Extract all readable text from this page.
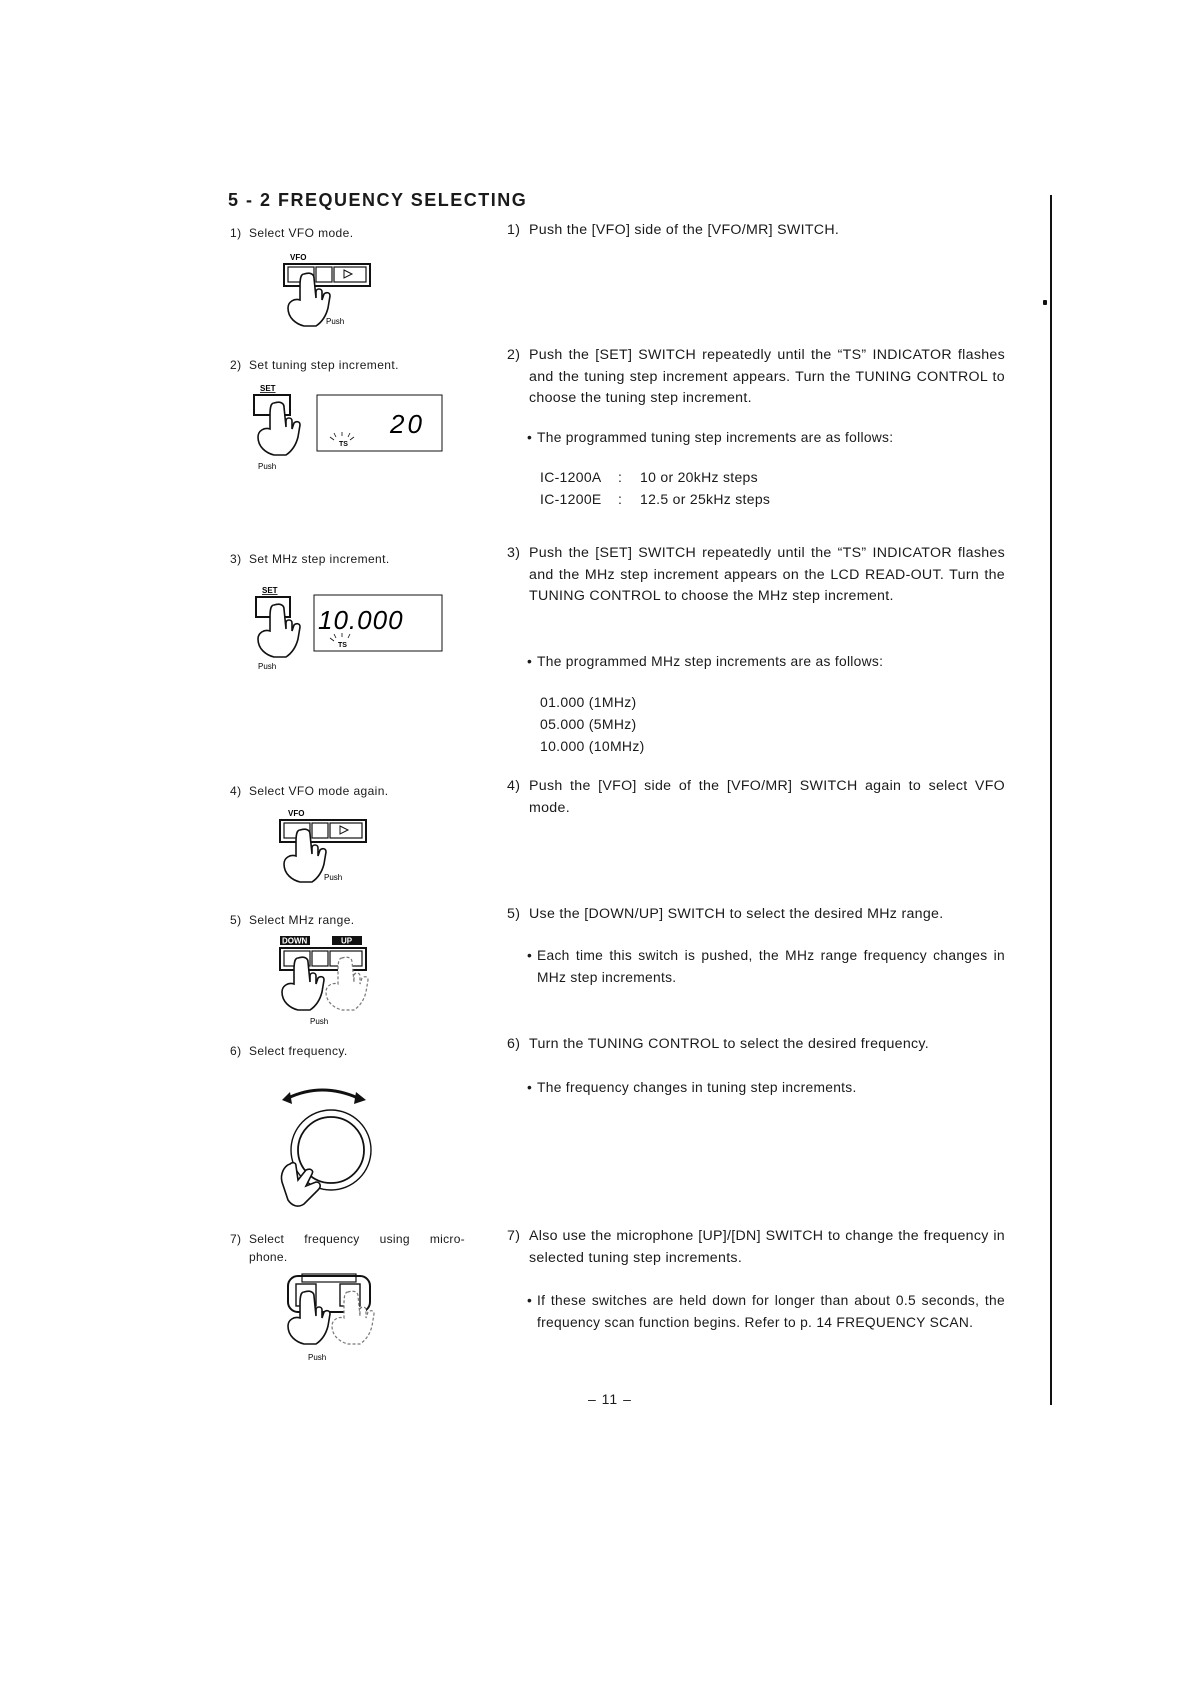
5 - 2 FREQUENCY SELECTING
1) Select VFO mode.
VFO
Push
1) Push the [VFO] side of the [VFO/MR] SWITCH.
2) Set tuning step increment.
SET
Push
20
TS
2) Push the [SET] SWITCH repeatedly until the “TS” INDICATOR flashes and the tuning step increment appears. Turn the TUNING CONTROL to choose the tuning step increment.
• The programmed tuning step increments are as follows:
IC-1200A : 10 or 20kHz steps
IC-1200E : 12.5 or 25kHz steps
3) Set MHz step increment.
SET
Push
10.000
TS
3) Push the [SET] SWITCH repeatedly until the “TS” INDICATOR flashes and the MHz step increment appears on the LCD READ-OUT. Turn the TUNING CONTROL to choose the MHz step increment.
• The programmed MHz step increments are as follows:
01.000 (1MHz)
05.000 (5MHz)
10.000 (10MHz)
4) Select VFO mode again.
VFO
Push
4) Push the [VFO] side of the [VFO/MR] SWITCH again to select VFO mode.
5) Select MHz range.
DOWN	UP
Push
5) Use the [DOWN/UP] SWITCH to select the desired MHz range.
• Each time this switch is pushed, the MHz range frequency changes in MHz step increments.
6) Select frequency.	6) Turn the TUNING CONTROL to select the desired frequency.
• The frequency changes in tuning step increments.
7) Select frequency using micro-
phone.
Push
7) Also use the microphone [UP]/[DN] SWITCH to change the frequency in selected tuning step increments.
• If these switches are held down for longer than about 0.5 seconds, the frequency scan function begins. Refer to p. 14 FREQUENCY SCAN.
– 11 –
